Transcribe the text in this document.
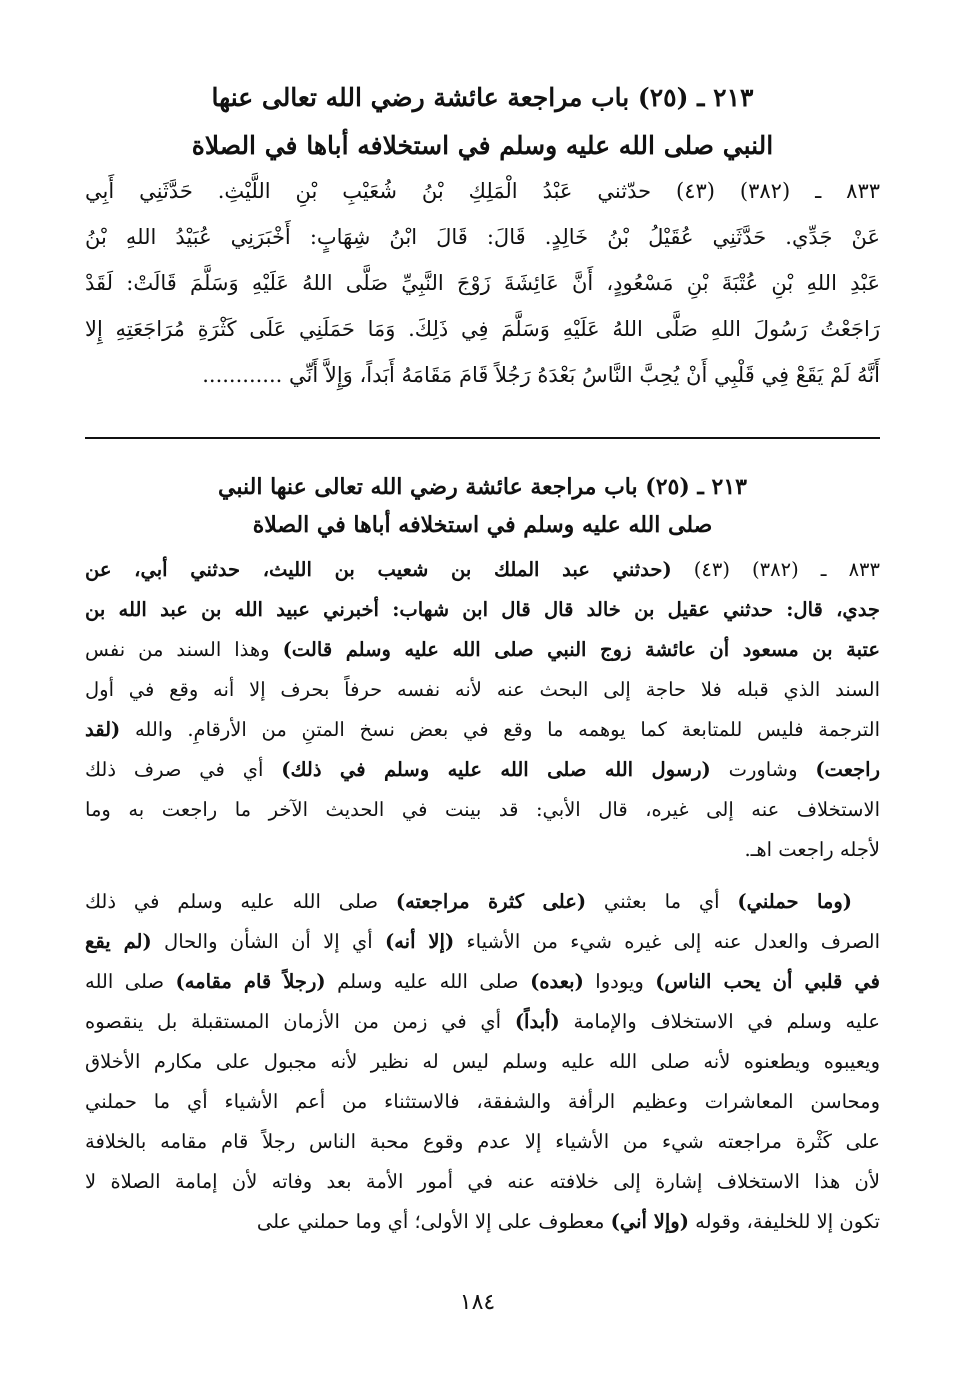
٢١٣ ـ (٢٥) باب مراجعة عائشة رضي الله تعالى عنها
النبي صلى الله عليه وسلم في استخلافه أباها في الصلاة
٨٣٣ ـ (٣٨٢) (٤٣) حدّثني عَبْدُ الْمَلِكِ بْنُ شُعَيْبِ بْنِ اللَّيْثِ. حَدَّثَنِي أَبِي
عَنْ جَدِّي. حَدَّثَنِي عُقَيْلُ بْنُ خَالِدٍ. قَالَ: قَالَ ابْنُ شِهَابٍ: أَخْبَرَنِي عُبَيْدُ اللهِ بْنُ
عَبْدِ اللهِ بْنِ عُتْبَةَ بْنِ مَسْعُودٍ، أَنَّ عَائِشَةَ زَوْجَ النَّبِيِّ صَلَّى اللهُ عَلَيْهِ وَسَلَّمَ قَالَتْ: لَقَدْ
رَاجَعْتُ رَسُولَ اللهِ صَلَّى اللهُ عَلَيْهِ وَسَلَّمَ فِي ذَلِكَ. وَمَا حَمَلَنِي عَلَى كَثْرَةِ مُرَاجَعَتِهِ إِلا
أَنَّهُ لَمْ يَقَعْ فِي قَلْبِي أَنْ يُحِبَّ النَّاسُ بَعْدَهُ رَجُلاً قَامَ مَقَامَهُ أَبَداً، وَإِلاَّ أَنِّي ............
٢١٣ ـ (٢٥) باب مراجعة عائشة رضي الله تعالى عنها النبي
صلى الله عليه وسلم في استخلافه أباها في الصلاة
٨٣٣ ـ (٣٨٢) (٤٣) (حدثني عبد الملك بن شعيب بن الليث، حدثني أبي، عن
جدي، قال: حدثني عقيل بن خالد قال قال ابن شهاب: أخبرني عبيد الله بن عبد الله بن
عتبة بن مسعود أن عائشة زوج النبي صلى الله عليه وسلم قالت) وهذا السند من نفس
السند الذي قبله فلا حاجة إلى البحث عنه لأنه نفسه حرفاً بحرف إلا أنه وقع في أول
الترجمة فليس للمتابعة كما يوهمه ما وقع في بعض نسخ المتنِ من الأرقامِ. والله (لقد
راجعت) وشاورت (رسول الله صلى الله عليه وسلم في ذلك) أي في صرف ذلك
الاستخلاف عنه إلى غيره، قال الأبي: قد بينت في الحديث الآخر ما راجعت به وما
لأجله راجعت اهـ.
(وما حملني) أي ما بعثني (على كثرة مراجعته) صلى الله عليه وسلم في ذلك
الصرف والعدل عنه إلى غيره شيء من الأشياء (إلا أنه) أي إلا أن الشأن والحال (لم يقع
في قلبي أن يحب الناس) ويودوا (بعده) صلى الله عليه وسلم (رجلاً قام مقامه) صلى الله
عليه وسلم في الاستخلاف والإمامة (أبداً) أي في زمن من الأزمان المستقبلة بل ينقصوه
ويعيبوه ويطعنوه لأنه صلى الله عليه وسلم ليس له نظير لأنه مجبول على مكارم الأخلاق
ومحاسن المعاشرات وعظيم الرأفة والشفقة، فالاستثناء من أعم الأشياء أي ما حملني
على كَثْرة مراجعته شيء من الأشياء إلا عدم وقوع محبة الناس رجلاً قام مقامه بالخلافة
لأن هذا الاستخلاف إشارة إلى خلافته عنه في أمور الأمة بعد وفاته لأن إمامة الصلاة لا
تكون إلا للخليفة، وقوله (وإلا أني) معطوف على إلا الأولى؛ أي وما حملني على
١٨٤
